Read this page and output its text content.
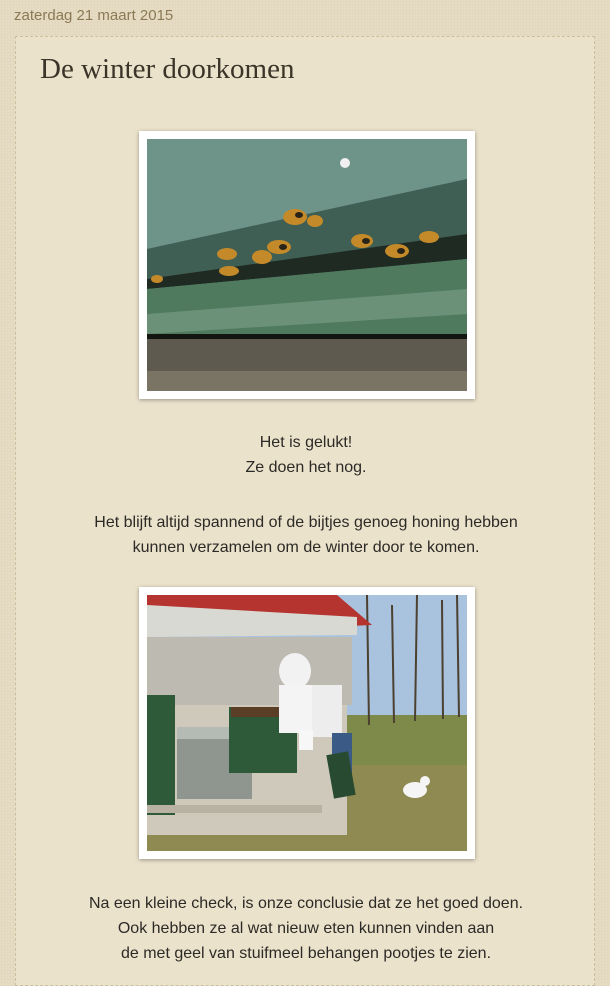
zaterdag 21 maart 2015
De winter doorkomen

Het is gelukt!

Ze doen het nog.

Het blijft altijd spannend of de bijtjes genoeg honing hebben

kunnen verzamelen om de winter door te komen.

Na een kleine check, is onze conclusie dat ze het goed doen.

Ook hebben ze al wat nieuw eten kunnen vinden aan

de met geel van stuifmeel behangen pootjes te zien.
